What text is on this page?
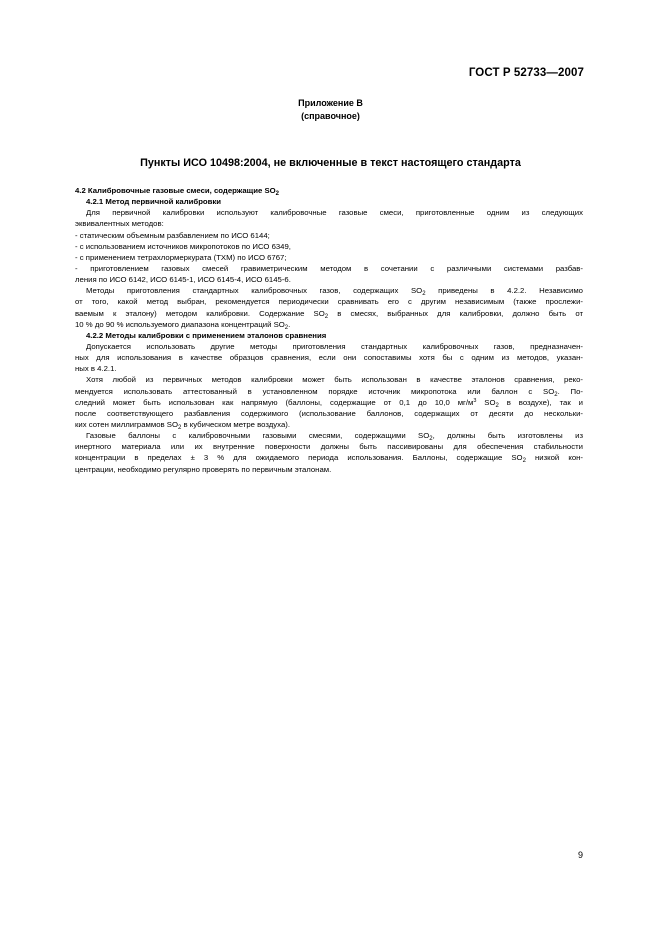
ГОСТ Р 52733—2007
Приложение В
(справочное)
Пункты ИСО 10498:2004, не включенные в текст настоящего стандарта
4.2 Калибровочные газовые смеси, содержащие $SO_2$
4.2.1 Метод первичной калибровки
Для первичной калибровки используют калибровочные газовые смеси, приготовленные одним из следующих
эквивалентных методов:
- статическим объемным разбавлением по ИСО 6144;
- с использованием источников микропотоков по ИСО 6349,
- с применением тетрахлормеркурата (ТХМ) по ИСО 6767;
- приготовлением газовых смесей гравиметрическим методом в сочетании с различными системами разбав-
ления по ИСО 6142, ИСО 6145-1, ИСО 6145-4, ИСО 6145-6.
Методы приготовления стандартных калибровочных газов, содержащих $SO_2$ приведены в 4.2.2. Независимо
от того, какой метод выбран, рекомендуется периодически сравнивать его с другим независимым (также прослежи-
ваемым к эталону) методом калибровки. Содержание $SO_2$ в смесях, выбранных для калибровки, должно быть от
10 % до 90 % используемого диапазона концентраций $SO_2$.
4.2.2 Методы калибровки с применением эталонов сравнения
Допускается использовать другие методы приготовления стандартных калибровочных газов, предназначен-
ных для использования в качестве образцов сравнения, если они сопоставимы хотя бы с одним из методов, указан-
ных в 4.2.1.
Хотя любой из первичных методов калибровки может быть использован в качестве эталонов сравнения, реко-
мендуется использовать аттестованный в установленном порядке источник микропотока или баллон с $SO_2$. По-
следний может быть использован как напрямую (баллоны, содержащие от 0,1 до 10,0 $мг/м^3$ $SO_2$ в воздухе), так и
после соответствующего разбавления содержимого (использование баллонов, содержащих от десяти до нескольки-
ких сотен миллиграммов $SO_2$ в кубическом метре воздуха).
Газовые баллоны с калибровочными газовыми смесями, содержащими $SO_2$, должны быть изготовлены из
инертного материала или их внутренние поверхности должны быть пассивированы для обеспечения стабильности
концентрации в пределах ± 3 % для ожидаемого периода использования. Баллоны, содержащие $SO_2$ низкой кон-
центрации, необходимо регулярно проверять по первичным эталонам.
9
